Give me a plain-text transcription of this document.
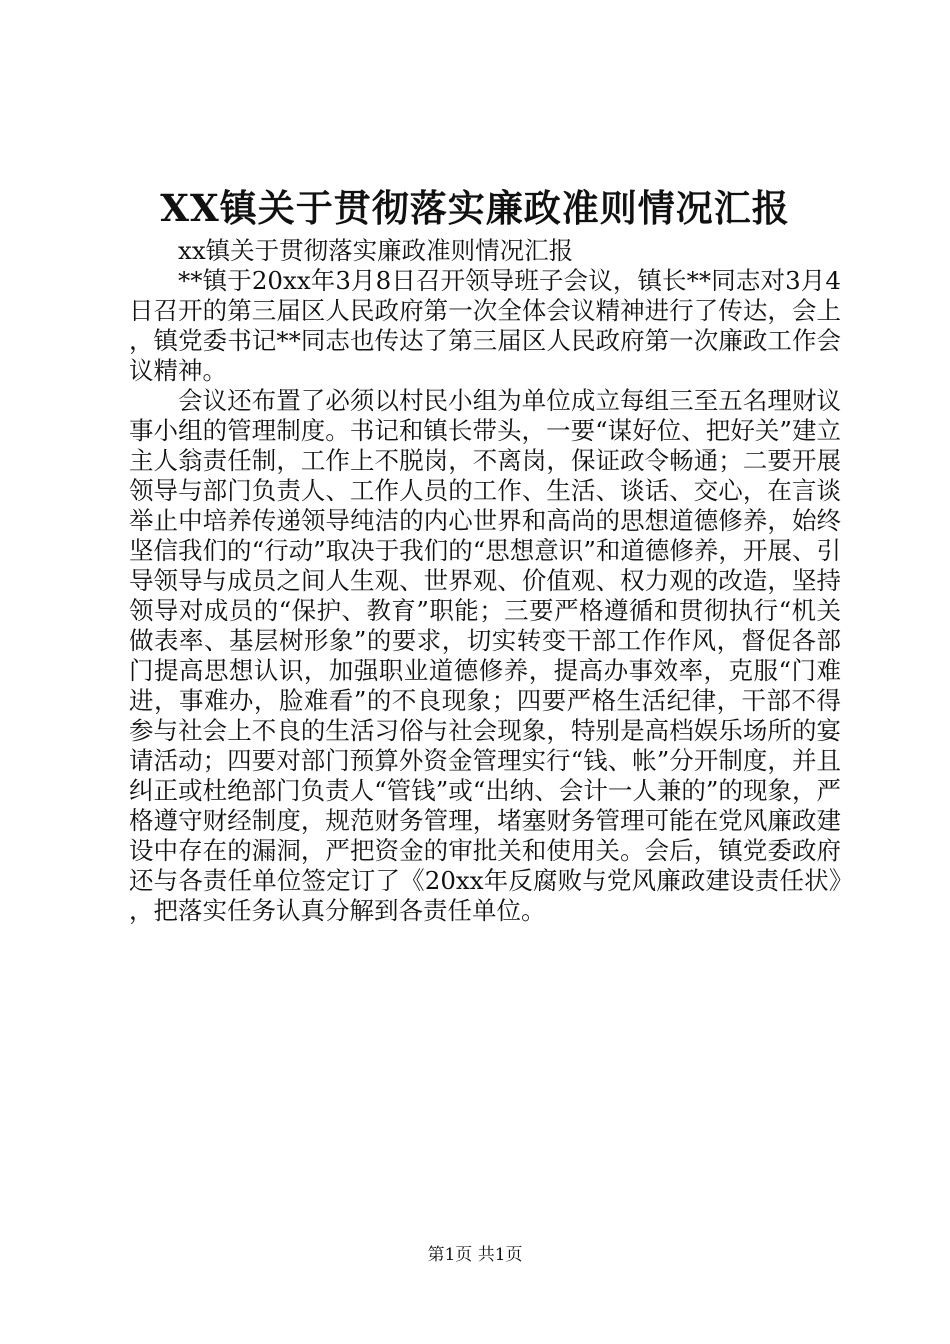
XX镇关于贯彻落实廉政准则情况汇报

xx镇关于贯彻落实廉政准则情况汇报

**镇于20xx年3月8日召开领导班子会议，镇长**同志对3月4日召开的第三届区人民政府第一次全体会议精神进行了传达，会上，镇党委书记**同志也传达了第三届区人民政府第一次廉政工作会议精神。

会议还布置了必须以村民小组为单位成立每组三至五名理财议事小组的管理制度。书记和镇长带头，一要“谋好位、把好关”建立主人翁责任制，工作上不脱岗，不离岗，保证政令畅通；二要开展领导与部门负责人、工作人员的工作、生活、谈话、交心，在言谈举止中培养传递领导纯洁的内心世界和高尚的思想道德修养，始终坚信我们的“行动”取决于我们的“思想意识”和道德修养，开展、引导领导与成员之间人生观、世界观、价值观、权力观的改造，坚持领导对成员的“保护、教育”职能；三要严格遵循和贯彻执行“机关做表率、基层树形象”的要求，切实转变干部工作作风，督促各部门提高思想认识，加强职业道德修养，提高办事效率，克服“门难进，事难办，脸难看”的不良现象；四要严格生活纪律，干部不得参与社会上不良的生活习俗与社会现象，特别是高档娱乐场所的宴请活动；四要对部门预算外资金管理实行“钱、帐”分开制度，并且纠正或杜绝部门负责人“管钱”或“出纳、会计一人兼的”的现象，严格遵守财经制度，规范财务管理，堵塞财务管理可能在党风廉政建设中存在的漏洞，严把资金的审批关和使用关。会后，镇党委政府还与各责任单位签定订了《20xx年反腐败与党风廉政建设责任状》，把落实任务认真分解到各责任单位。

第1页 共1页
